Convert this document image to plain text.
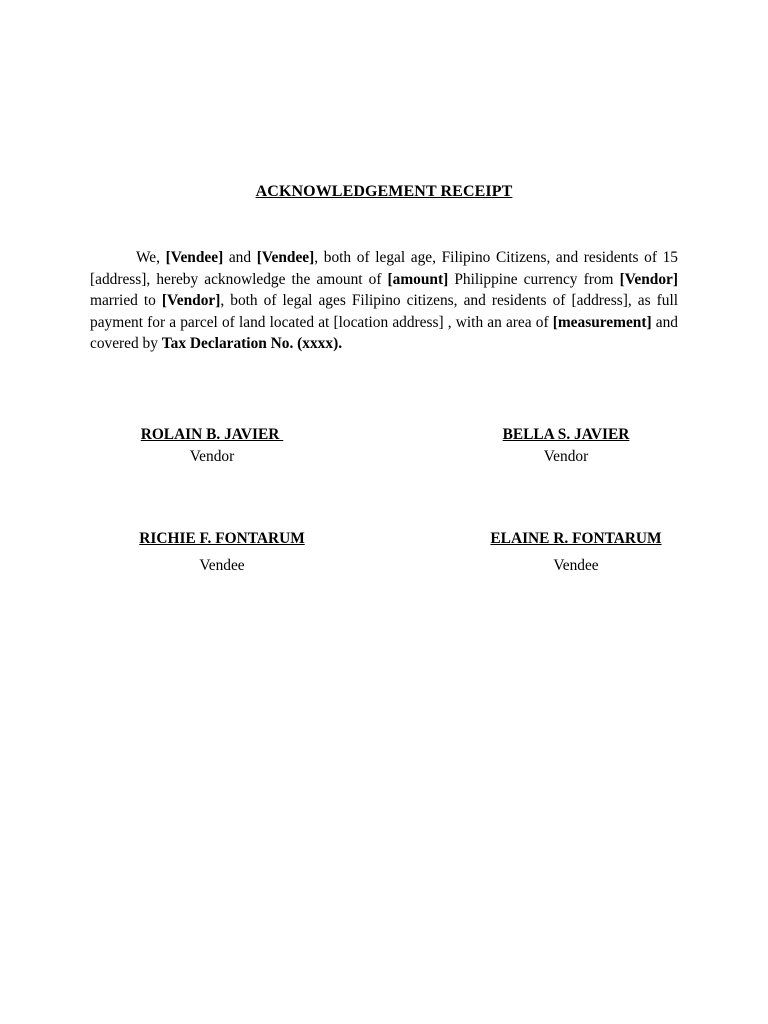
ACKNOWLEDGEMENT RECEIPT

We, [Vendee] and [Vendee], both of legal age, Filipino Citizens, and residents of 15 [address], hereby acknowledge the amount of [amount] Philippine currency from [Vendor] married to [Vendor], both of legal ages Filipino citizens, and residents of [address], as full payment for a parcel of land located at [location address] , with an area of [measurement] and covered by Tax Declaration No. (xxxx).

ROLAIN B. JAVIER
Vendor
BELLA S. JAVIER
Vendor
RICHIE F. FONTARUM
Vendee
ELAINE R. FONTARUM
Vendee
